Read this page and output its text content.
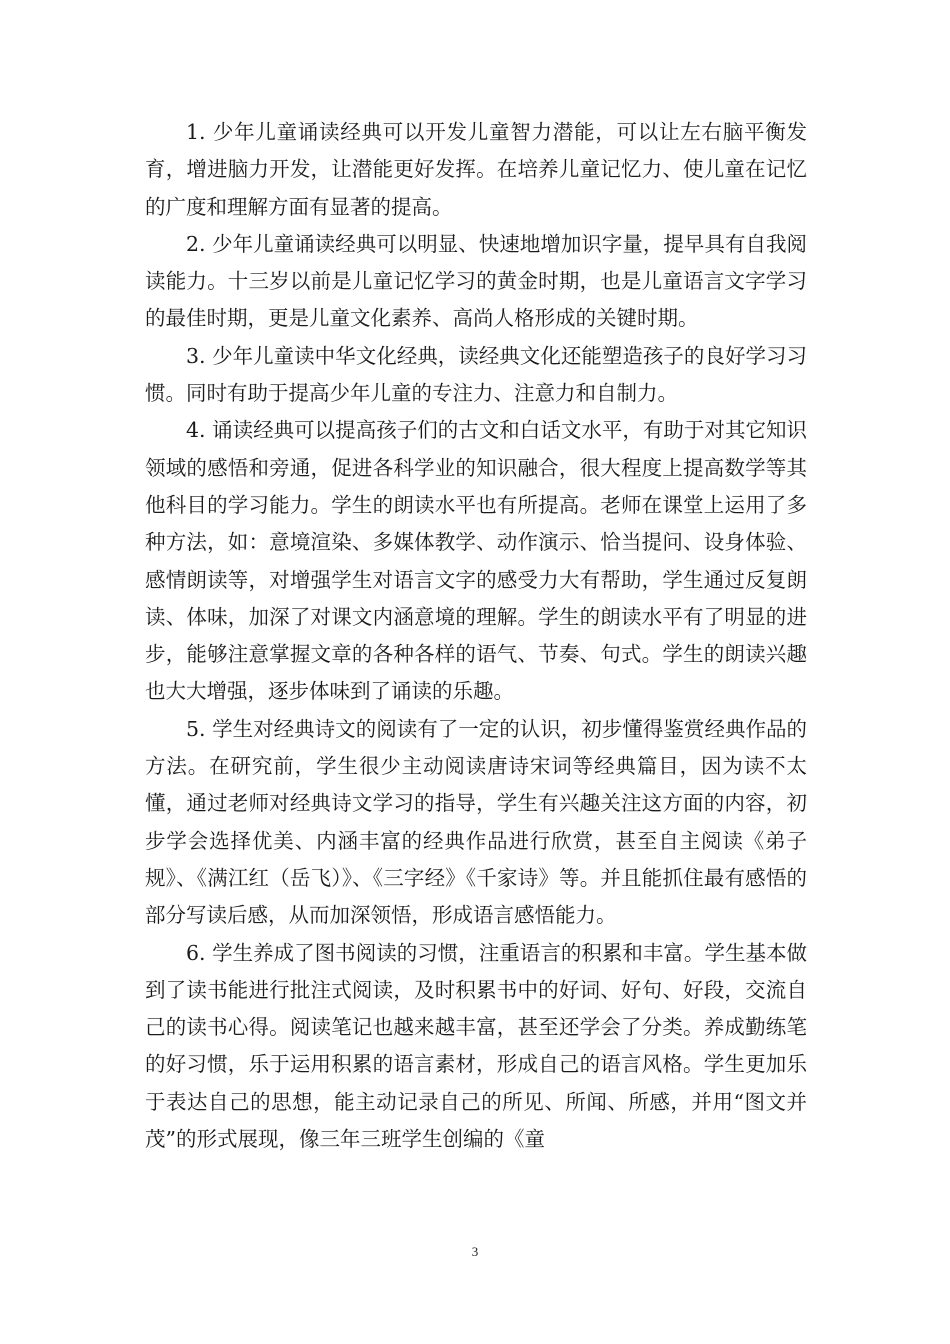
1. 少年儿童诵读经典可以开发儿童智力潜能，可以让左右脑平衡发育，增进脑力开发，让潜能更好发挥。在培养儿童记忆力、使儿童在记忆的广度和理解方面有显著的提高。

2. 少年儿童诵读经典可以明显、快速地增加识字量，提早具有自我阅读能力。十三岁以前是儿童记忆学习的黄金时期，也是儿童语言文字学习的最佳时期，更是儿童文化素养、高尚人格形成的关键时期。

3. 少年儿童读中华文化经典，读经典文化还能塑造孩子的良好学习习惯。同时有助于提高少年儿童的专注力、注意力和自制力。

4. 诵读经典可以提高孩子们的古文和白话文水平，有助于对其它知识领域的感悟和旁通，促进各科学业的知识融合，很大程度上提高数学等其他科目的学习能力。学生的朗读水平也有所提高。老师在课堂上运用了多种方法，如：意境渲染、多媒体教学、动作演示、恰当提问、设身体验、感情朗读等，对增强学生对语言文字的感受力大有帮助，学生通过反复朗读、体味，加深了对课文内涵意境的理解。学生的朗读水平有了明显的进步，能够注意掌握文章的各种各样的语气、节奏、句式。学生的朗读兴趣也大大增强，逐步体味到了诵读的乐趣。

5. 学生对经典诗文的阅读有了一定的认识，初步懂得鉴赏经典作品的方法。在研究前，学生很少主动阅读唐诗宋词等经典篇目，因为读不太懂，通过老师对经典诗文学习的指导，学生有兴趣关注这方面的内容，初步学会选择优美、内涵丰富的经典作品进行欣赏，甚至自主阅读《弟子规》、《满江红（岳飞）》、《三字经》《千家诗》等。并且能抓住最有感悟的部分写读后感，从而加深领悟，形成语言感悟能力。

6. 学生养成了图书阅读的习惯，注重语言的积累和丰富。学生基本做到了读书能进行批注式阅读，及时积累书中的好词、好句、好段，交流自己的读书心得。阅读笔记也越来越丰富，甚至还学会了分类。养成勤练笔的好习惯，乐于运用积累的语言素材，形成自己的语言风格。学生更加乐于表达自己的思想，能主动记录自己的所见、所闻、所感，并用“图文并茂”的形式展现，像三年三班学生创编的《童

3
